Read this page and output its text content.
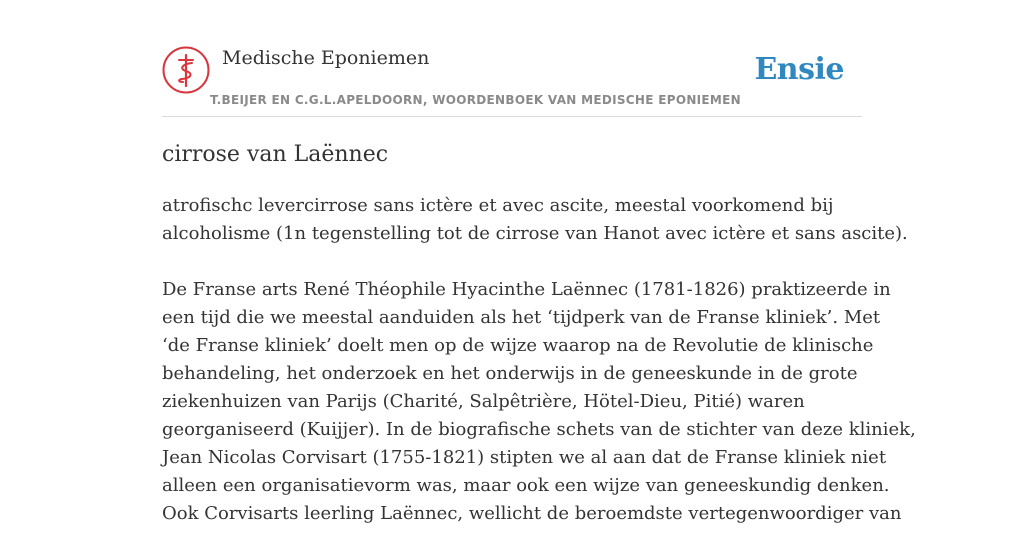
Medische Eponiemen
T.BEIJER EN C.G.L.APELDOORN, WOORDENBOEK VAN MEDISCHE EPONIEMEN
Ensie
cirrose van Laënnec

atrofischc levercirrose sans ictère et avec ascite, meestal voorkomend bij
alcoholisme (1n tegenstelling tot de cirrose van Hanot avec ictère et sans ascite).

De Franse arts René Théophile Hyacinthe Laënnec (1781-1826) praktizeerde in
een tijd die we meestal aanduiden als het ‘tijdperk van de Franse kliniek’. Met
‘de Franse kliniek’ doelt men op de wijze waarop na de Revolutie de klinische
behandeling, het onderzoek en het onderwijs in de geneeskunde in de grote
ziekenhuizen van Parijs (Charité, Salpêtrière, Hötel-Dieu, Pitié) waren
georganiseerd (Kuijjer). In de biografische schets van de stichter van deze kliniek,
Jean Nicolas Corvisart (1755-1821) stipten we al aan dat de Franse kliniek niet
alleen een organisatievorm was, maar ook een wijze van geneeskundig denken.
Ook Corvisarts leerling Laënnec, wellicht de beroemdste vertegenwoordiger van
